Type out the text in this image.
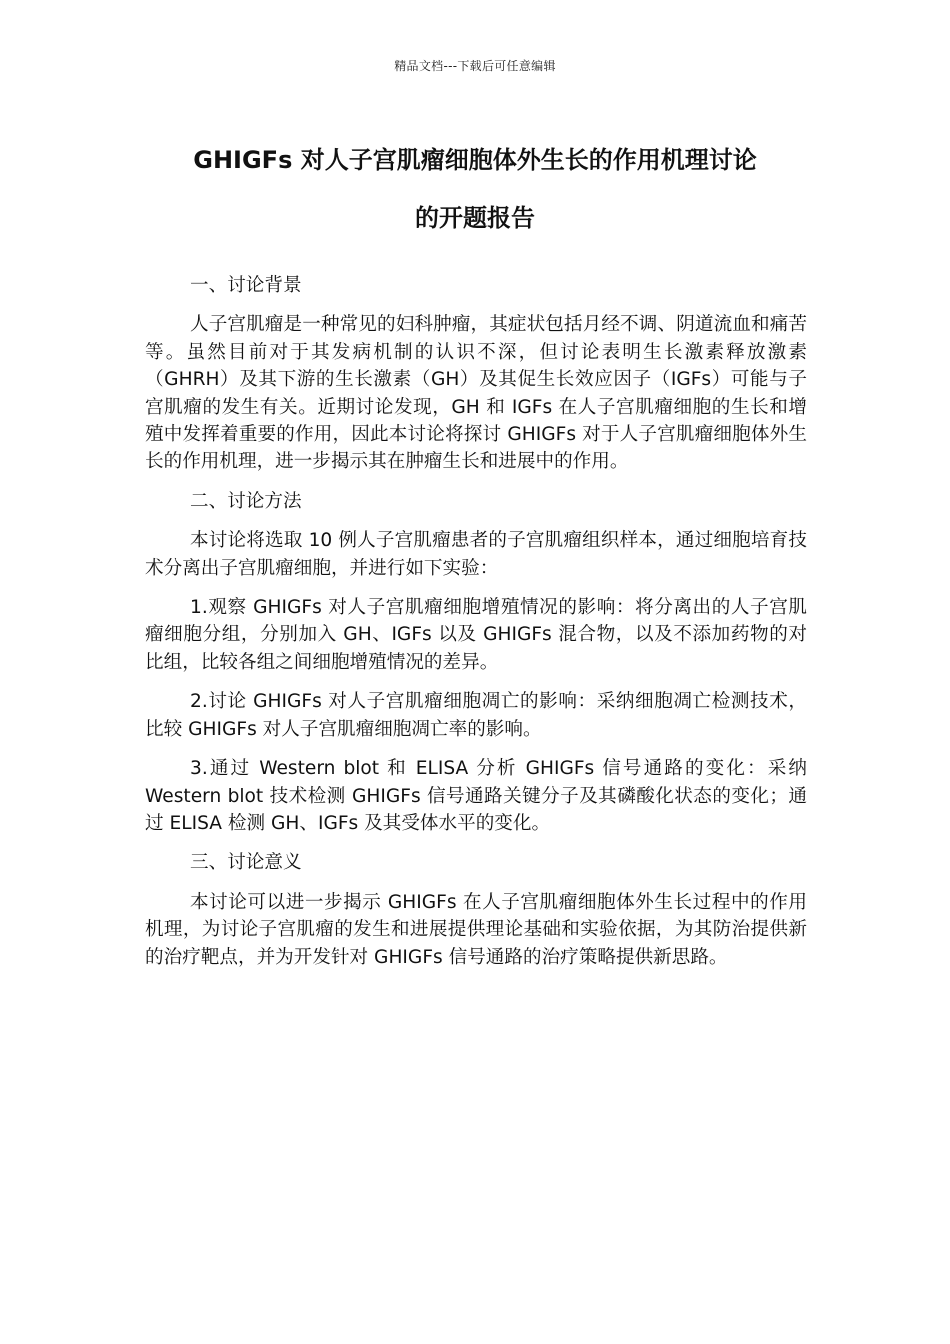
精品文档---下载后可任意编辑
GHIGFs 对人子宫肌瘤细胞体外生长的作用机理讨论
的开题报告

一、讨论背景

人子宫肌瘤是一种常见的妇科肿瘤，其症状包括月经不调、阴道流血和痛苦等。虽然目前对于其发病机制的认识不深，但讨论表明生长激素释放激素（GHRH）及其下游的生长激素（GH）及其促生长效应因子（IGFs）可能与子宫肌瘤的发生有关。近期讨论发现，GH 和 IGFs 在人子宫肌瘤细胞的生长和增殖中发挥着重要的作用，因此本讨论将探讨 GHIGFs 对于人子宫肌瘤细胞体外生长的作用机理，进一步揭示其在肿瘤生长和进展中的作用。

二、讨论方法

本讨论将选取 10 例人子宫肌瘤患者的子宫肌瘤组织样本，通过细胞培育技术分离出子宫肌瘤细胞，并进行如下实验：

1.观察 GHIGFs 对人子宫肌瘤细胞增殖情况的影响：将分离出的人子宫肌瘤细胞分组，分别加入 GH、IGFs 以及 GHIGFs 混合物，以及不添加药物的对比组，比较各组之间细胞增殖情况的差异。

2.讨论 GHIGFs 对人子宫肌瘤细胞凋亡的影响：采纳细胞凋亡检测技术，比较 GHIGFs 对人子宫肌瘤细胞凋亡率的影响。

3.通过 Western blot 和 ELISA 分析 GHIGFs 信号通路的变化：采纳 Western blot 技术检测 GHIGFs 信号通路关键分子及其磷酸化状态的变化；通过 ELISA 检测 GH、IGFs 及其受体水平的变化。

三、讨论意义

本讨论可以进一步揭示 GHIGFs 在人子宫肌瘤细胞体外生长过程中的作用机理，为讨论子宫肌瘤的发生和进展提供理论基础和实验依据，为其防治提供新的治疗靶点，并为开发针对 GHIGFs 信号通路的治疗策略提供新思路。
